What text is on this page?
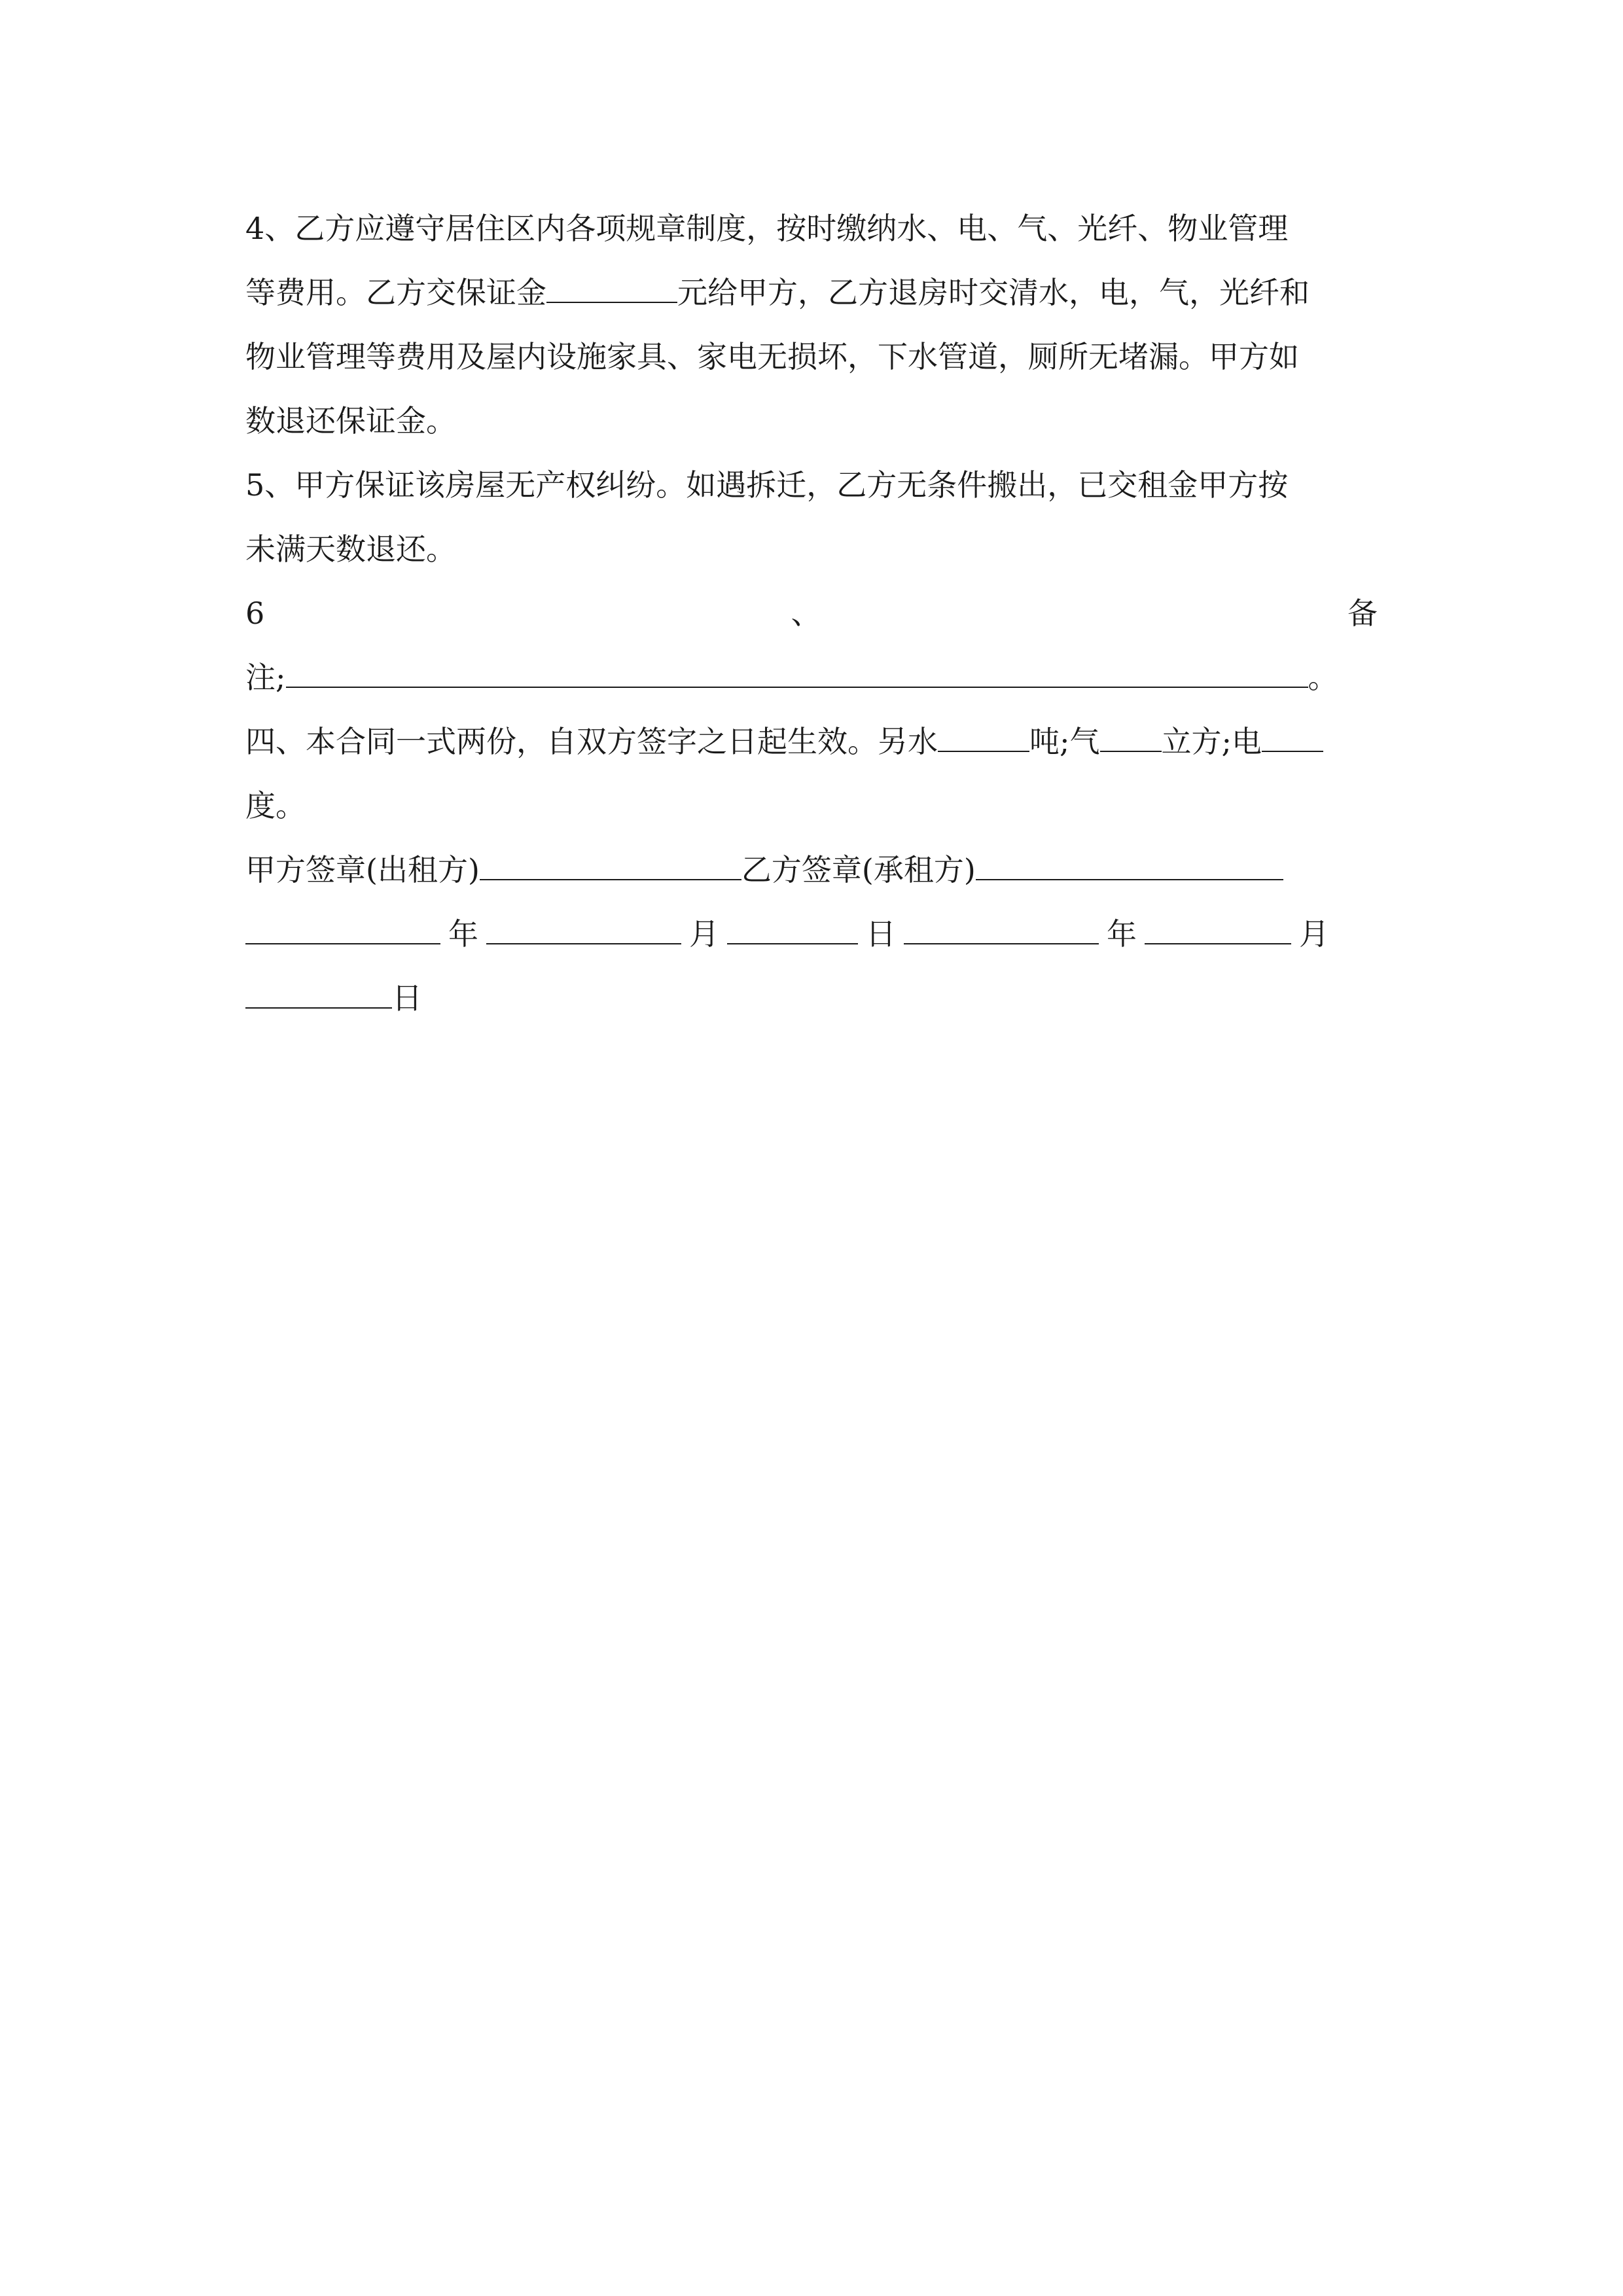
4、乙方应遵守居住区内各项规章制度，按时缴纳水、电、气、光纤、物业管理
等费用。乙方交保证金	元给甲方，乙方退房时交清水，电，气，光纤和
物业管理等费用及屋内设施家具、家电无损坏，下水管道，厕所无堵漏。甲方如
数退还保证金。
5、甲方保证该房屋无产权纠纷。如遇拆迁，乙方无条件搬出，已交租金甲方按
未满天数退还。
6	、	备
注;	。
四、本合同一式两份，自双方签字之日起生效。另水	吨;气 立方;电
度。
甲方签章(出租方)	乙方签章(承租方)
年	月	日	年	月
日
